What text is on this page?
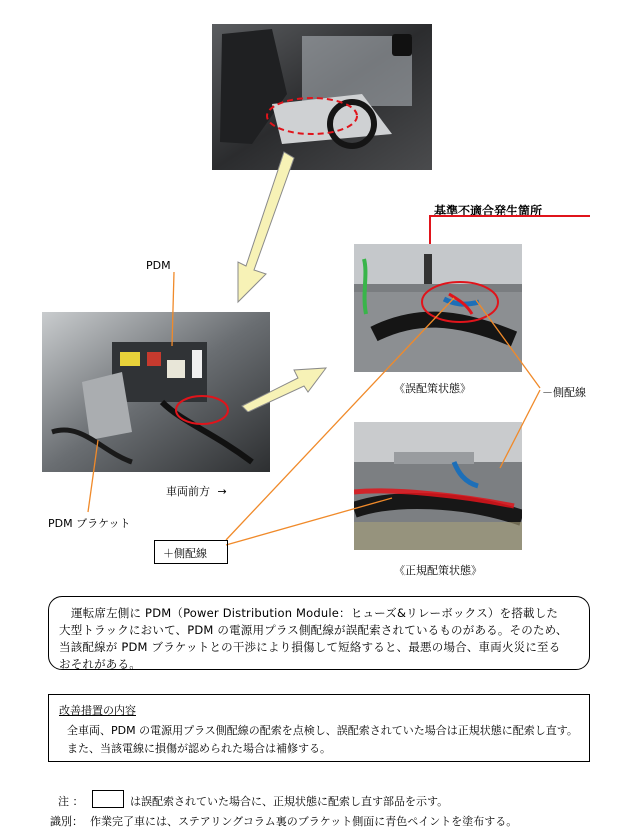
PDM
基準不適合発生箇所
《誤配策状態》	－側配線
《正規配策状態》
車両前方 →
PDM ブラケット
＋側配線
運転席左側に PDM（Power Distribution Module：ヒューズ&リレーボックス）を搭載した
大型トラックにおいて、PDM の電源用プラス側配線が誤配索されているものがある。そのため、
当該配線が PDM ブラケットとの干渉により損傷して短絡すると、最悪の場合、車両火災に至る
おそれがある。
改善措置の内容
全車両、PDM の電源用プラス側配線の配索を点検し、誤配索されていた場合は正規状態に配索し直す。
また、当該電線に損傷が認められた場合は補修する。
注 ：	は誤配索されていた場合に、正規状態に配索し直す部品を示す。
識別： 作業完了車には、ステアリングコラム裏のブラケット側面に青色ペイントを塗布する。
